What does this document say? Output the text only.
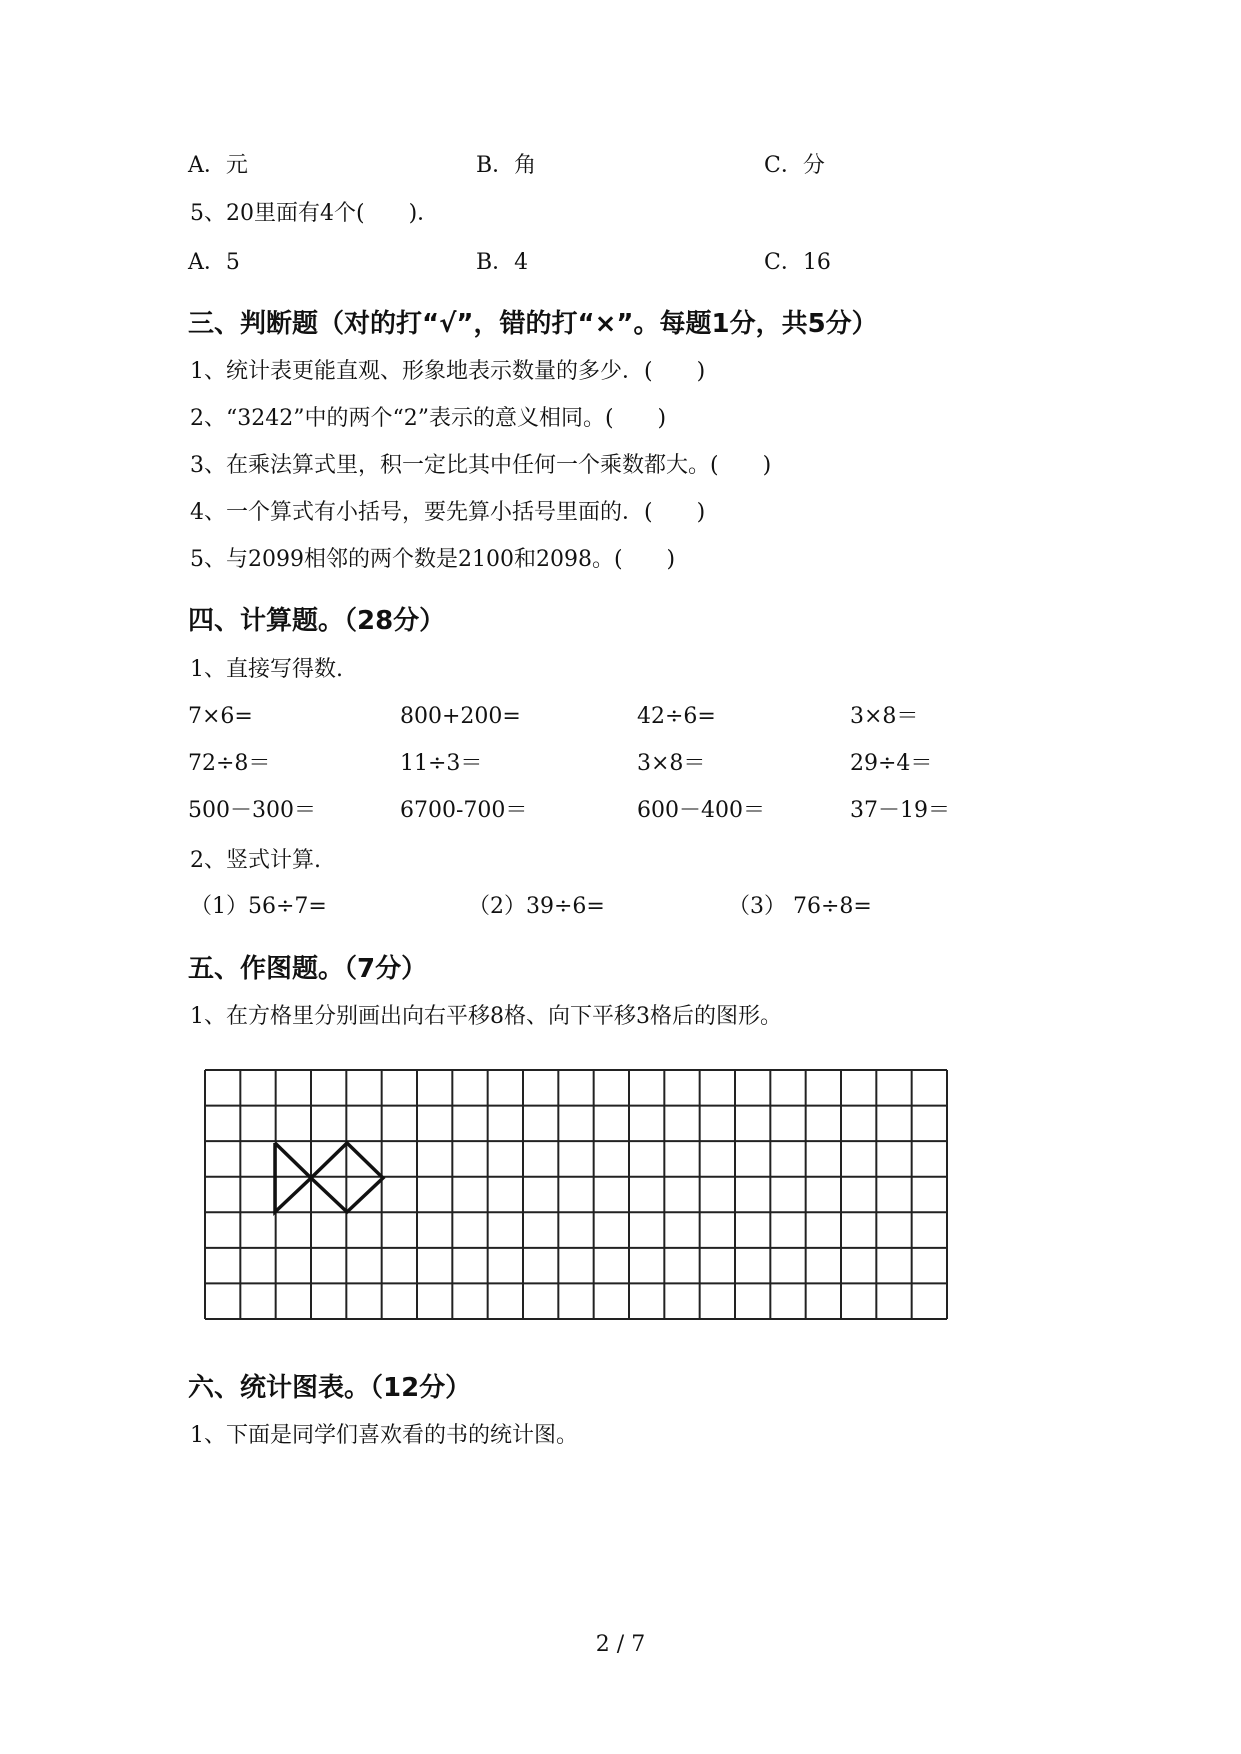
A．元	B．角	C．分
5、20里面有4个(　　)．
A．5	B．4	C．16
三、判断题（对的打“√”，错的打“×”。每题1分，共5分）
1、统计表更能直观、形象地表示数量的多少．(　　)
2、“3242”中的两个“2”表示的意义相同。(　　)
3、在乘法算式里，积一定比其中任何一个乘数都大。(　　)
4、一个算式有小括号，要先算小括号里面的．(　　)
5、与2099相邻的两个数是2100和2098。(　　)
四、计算题。（28分）
1、直接写得数.
7×6=	800+200=	42÷6=	3×8＝
72÷8＝	11÷3＝	3×8＝	29÷4＝
500－300＝	6700-700＝	600－400＝	37－19＝
2、竖式计算.
（1）56÷7=	（2）39÷6=	（3） 76÷8=
五、作图题。（7分）
1、在方格里分别画出向右平移8格、向下平移3格后的图形。
六、统计图表。（12分）
1、下面是同学们喜欢看的书的统计图。
2 / 7
